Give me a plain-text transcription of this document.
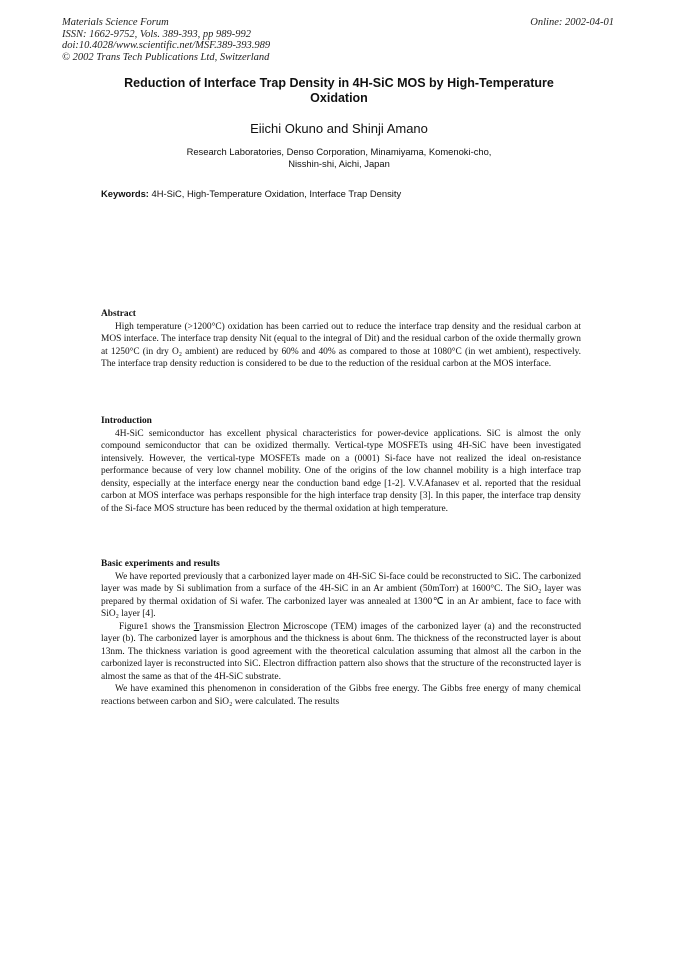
Materials Science Forum
ISSN: 1662-9752, Vols. 389-393, pp 989-992
doi:10.4028/www.scientific.net/MSF.389-393.989
© 2002 Trans Tech Publications Ltd, Switzerland
Online: 2002-04-01
Reduction of Interface Trap Density in 4H-SiC MOS by High-Temperature Oxidation
Eiichi Okuno and Shinji Amano
Research Laboratories, Denso Corporation, Minamiyama, Komenoki-cho,
Nisshin-shi, Aichi, Japan
Keywords: 4H-SiC, High-Temperature Oxidation, Interface Trap Density
Abstract

High temperature (>1200°C) oxidation has been carried out to reduce the interface trap density and the residual carbon at MOS interface. The interface trap density Nit (equal to the integral of Dit) and the residual carbon of the oxide thermally grown at 1250°C (in dry O₂ ambient) are reduced by 60% and 40% as compared to those at 1080°C (in wet ambient), respectively. The interface trap density reduction is considered to be due to the reduction of the residual carbon at the MOS interface.

Introduction

4H-SiC semiconductor has excellent physical characteristics for power-device applications. SiC is almost the only compound semiconductor that can be oxidized thermally. Vertical-type MOSFETs using 4H-SiC have been investigated intensively. However, the vertical-type MOSFETs made on a (0001) Si-face have not realized the ideal on-resistance performance because of very low channel mobility. One of the origins of the low channel mobility is a high interface trap density, especially at the interface energy near the conduction band edge [1-2]. V.V.Afanasev et al. reported that the residual carbon at MOS interface was perhaps responsible for the high interface trap density [3]. In this paper, the interface trap density of the Si-face MOS structure has been reduced by the thermal oxidation at high temperature.

Basic experiments and results

We have reported previously that a carbonized layer made on 4H-SiC Si-face could be reconstructed to SiC. The carbonized layer was made by Si sublimation from a surface of the 4H-SiC in an Ar ambient (50mTorr) at 1600°C. The SiO₂ layer was prepared by thermal oxidation of Si wafer. The carbonized layer was annealed at 1300℃ in an Ar ambient, face to face with SiO₂ layer [4].

Figure1 shows the Transmission Electron Microscope (TEM) images of the carbonized layer (a) and the reconstructed layer (b). The carbonized layer is amorphous and the thickness is about 6nm. The thickness of the reconstructed layer is about 13nm. The thickness variation is good agreement with the theoretical calculation assuming that almost all the carbon in the carbonized layer is reconstructed into SiC. Electron diffraction pattern also shows that the structure of the reconstructed layer is almost the same as that of the 4H-SiC substrate.

We have examined this phenomenon in consideration of the Gibbs free energy. The Gibbs free energy of many chemical reactions between carbon and SiO₂ were calculated. The results
